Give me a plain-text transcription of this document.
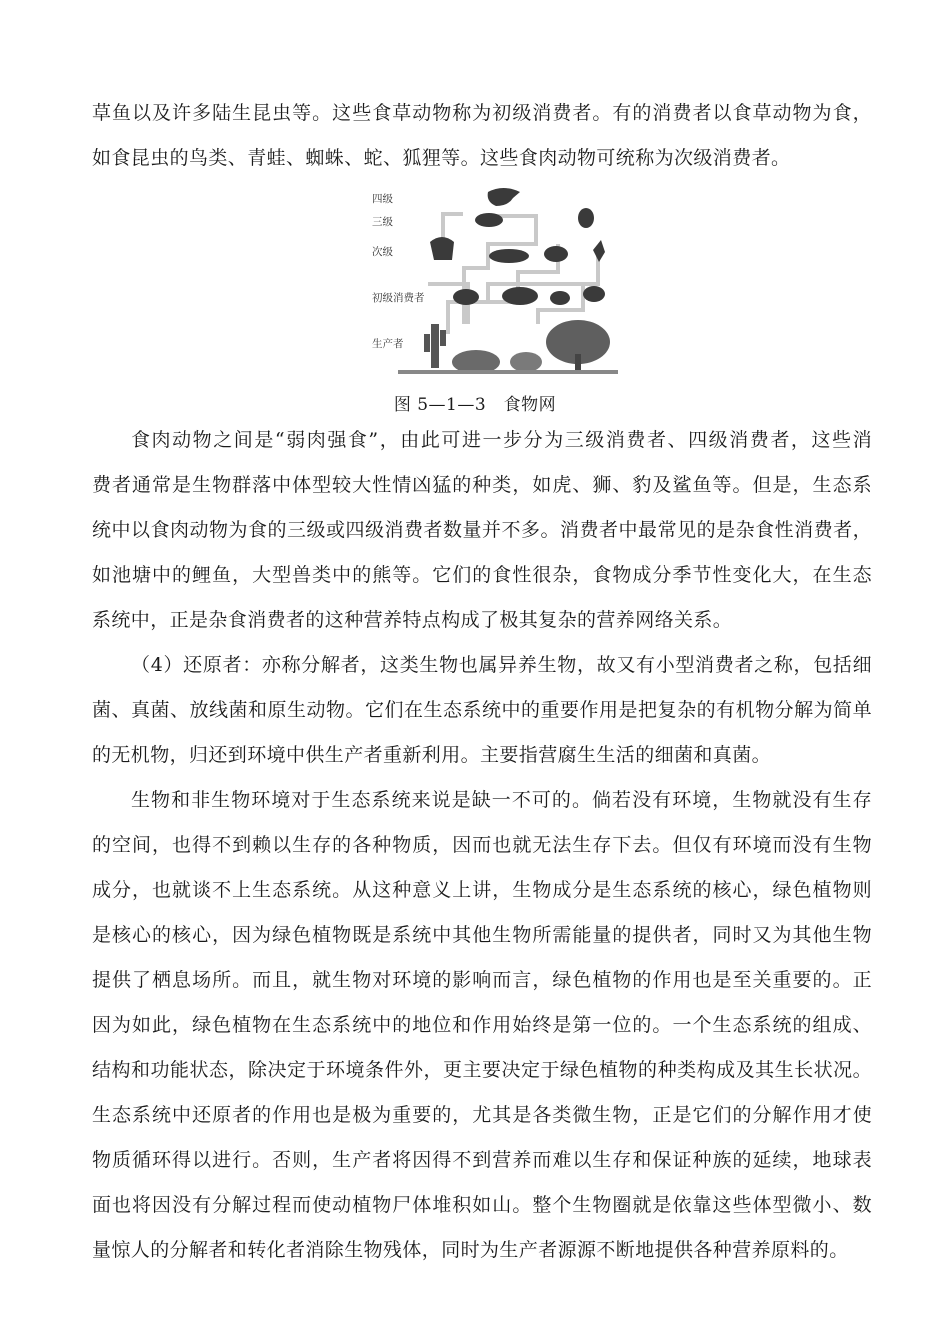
草鱼以及许多陆生昆虫等。这些食草动物称为初级消费者。有的消费者以食草动物为食，
如食昆虫的鸟类、青蛙、蜘蛛、蛇、狐狸等。这些食肉动物可统称为次级消费者。
四级
三级
次级
初级消费者
生产者
图 5—1—3　食物网
食肉动物之间是“弱肉强食”，由此可进一步分为三级消费者、四级消费者，这些消
费者通常是生物群落中体型较大性情凶猛的种类，如虎、狮、豹及鲨鱼等。但是，生态系
统中以食肉动物为食的三级或四级消费者数量并不多。消费者中最常见的是杂食性消费者，
如池塘中的鲤鱼，大型兽类中的熊等。它们的食性很杂，食物成分季节性变化大，在生态
系统中，正是杂食消费者的这种营养特点构成了极其复杂的营养网络关系。
（4）还原者：亦称分解者，这类生物也属异养生物，故又有小型消费者之称，包括细
菌、真菌、放线菌和原生动物。它们在生态系统中的重要作用是把复杂的有机物分解为简单
的无机物，归还到环境中供生产者重新利用。主要指营腐生生活的细菌和真菌。
生物和非生物环境对于生态系统来说是缺一不可的。倘若没有环境，生物就没有生存
的空间，也得不到赖以生存的各种物质，因而也就无法生存下去。但仅有环境而没有生物
成分，也就谈不上生态系统。从这种意义上讲，生物成分是生态系统的核心，绿色植物则
是核心的核心，因为绿色植物既是系统中其他生物所需能量的提供者，同时又为其他生物
提供了栖息场所。而且，就生物对环境的影响而言，绿色植物的作用也是至关重要的。正
因为如此，绿色植物在生态系统中的地位和作用始终是第一位的。一个生态系统的组成、
结构和功能状态，除决定于环境条件外，更主要决定于绿色植物的种类构成及其生长状况。
生态系统中还原者的作用也是极为重要的，尤其是各类微生物，正是它们的分解作用才使
物质循环得以进行。否则，生产者将因得不到营养而难以生存和保证种族的延续，地球表
面也将因没有分解过程而使动植物尸体堆积如山。整个生物圈就是依靠这些体型微小、数
量惊人的分解者和转化者消除生物残体，同时为生产者源源不断地提供各种营养原料的。
